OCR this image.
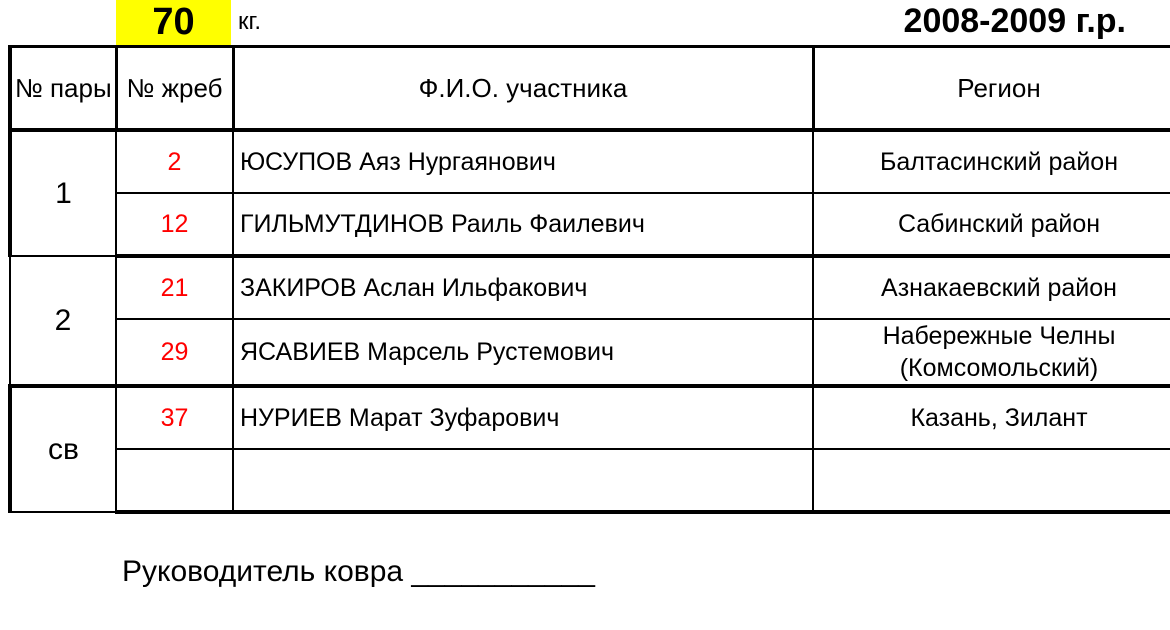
70	кг.	2008-2009 г.р.
№ пары	№ жреб	Ф.И.О. участника	Регион
1	2	ЮСУПОВ Аяз Нургаянович	Балтасинский район
	12	ГИЛЬМУТДИНОВ Раиль Фаилевич	Сабинский район
2	21	ЗАКИРОВ Аслан Ильфакович	Азнакаевский район
	29	ЯСАВИЕВ Марсель Рустемович	Набережные Челны (Комсомольский)
св	37	НУРИЕВ Марат Зуфарович	Казань, Зилант

Руководитель ковра ___________
